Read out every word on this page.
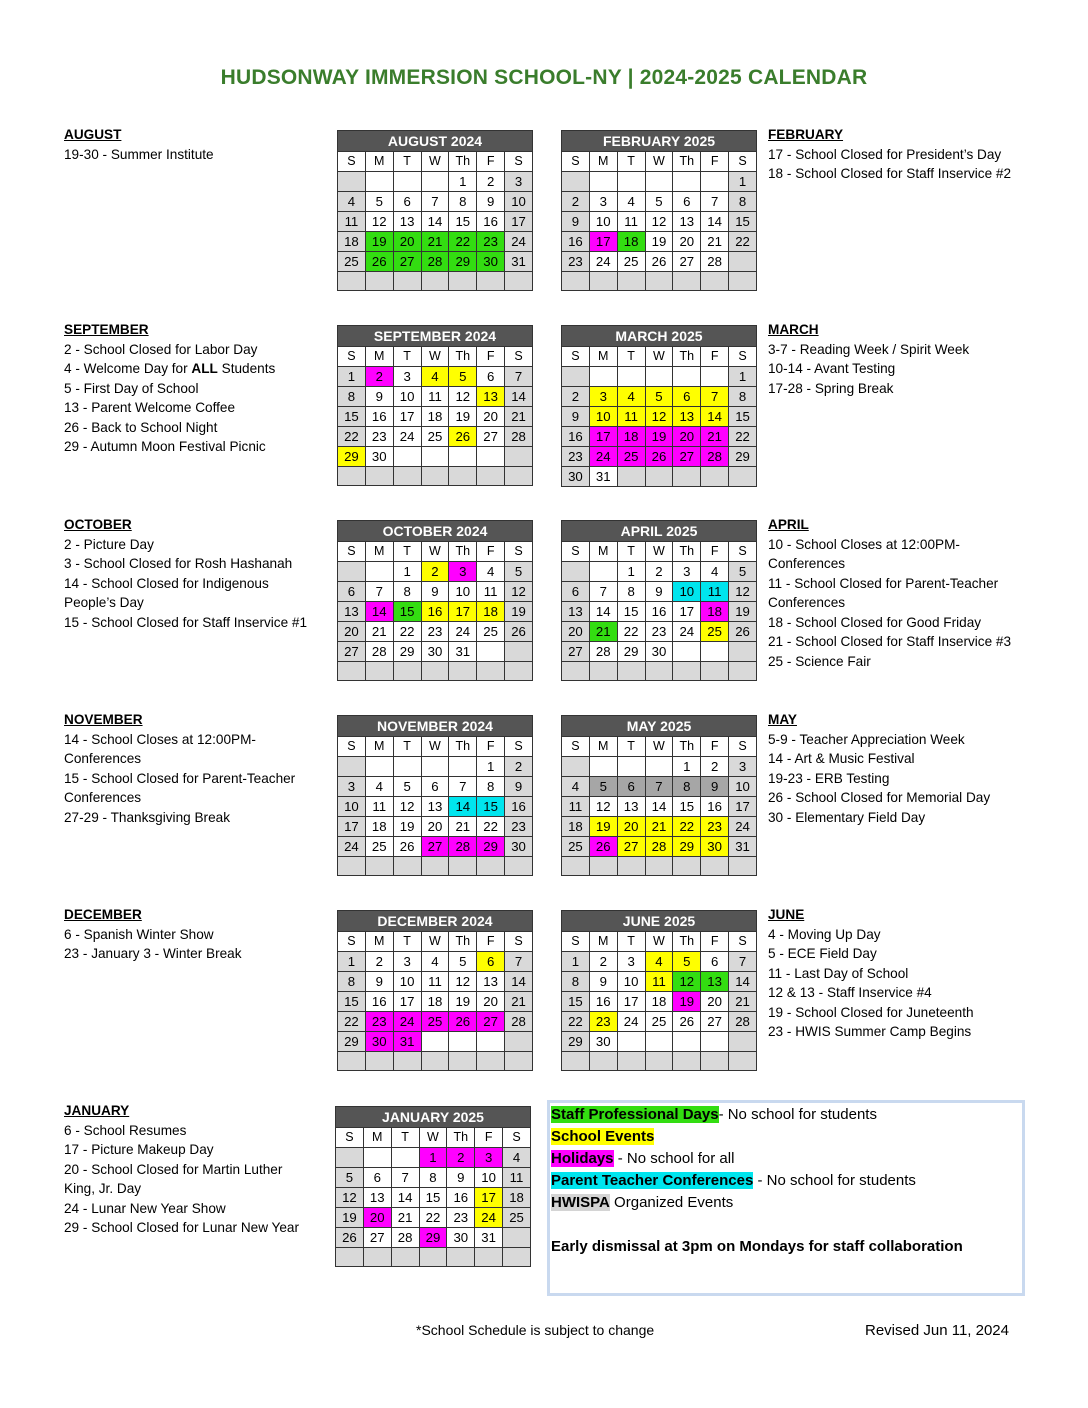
HUDSONWAY IMMERSION SCHOOL-NY | 2024-2025 CALENDAR
AUGUST
19-30 - Summer Institute
SEPTEMBER
2 - School Closed for Labor Day
4 - Welcome Day for ALL Students
5 - First Day of School
13 - Parent Welcome Coffee
26 - Back to School Night
29 - Autumn Moon Festival Picnic
OCTOBER
2 - Picture Day
3 - School Closed for Rosh Hashanah
14 - School Closed for Indigenous
People’s Day
15 - School Closed for Staff Inservice #1
NOVEMBER
14 - School Closes at 12:00PM-
Conferences
15 - School Closed for Parent-Teacher
Conferences
27-29 - Thanksgiving Break
DECEMBER
6 - Spanish Winter Show
23 - January 3 - Winter Break
JANUARY
6 - School Resumes
17 - Picture Makeup Day
20 - School Closed for Martin Luther
King, Jr. Day
24 - Lunar New Year Show
29 - School Closed for Lunar New Year
FEBRUARY
17 - School Closed for President’s Day
18 - School Closed for Staff Inservice #2
MARCH
3-7 - Reading Week / Spirit Week
10-14 - Avant Testing
17-28 - Spring Break
APRIL
10 - School Closes at 12:00PM-
Conferences
11 - School Closed for Parent-Teacher
Conferences
18 - School Closed for Good Friday
21 - School Closed for Staff Inservice #3
25 - Science Fair
MAY
5-9 - Teacher Appreciation Week
14 - Art & Music Festival
19-23 - ERB Testing
26 - School Closed for Memorial Day
30 - Elementary Field Day
JUNE
4 - Moving Up Day
5 - ECE Field Day
11 - Last Day of School
12 & 13 - Staff Inservice #4
19 - School Closed for Juneteenth
23 - HWIS Summer Camp Begins
AUGUST 2024						
S	M	T	W	Th	F	S
				1	2	3
4	5	6	7	8	9	10
11	12	13	14	15	16	17
18	19	20	21	22	23	24
25	26	27	28	29	30	31

FEBRUARY 2025						
S	M	T	W	Th	F	S
						1
2	3	4	5	6	7	8
9	10	11	12	13	14	15
16	17	18	19	20	21	22
23	24	25	26	27	28	

SEPTEMBER 2024						
S	M	T	W	Th	F	S
1	2	3	4	5	6	7
8	9	10	11	12	13	14
15	16	17	18	19	20	21
22	23	24	25	26	27	28
29	30					

MARCH 2025						
S	M	T	W	Th	F	S
						1
2	3	4	5	6	7	8
9	10	11	12	13	14	15
16	17	18	19	20	21	22
23	24	25	26	27	28	29
30	31					
OCTOBER 2024						
S	M	T	W	Th	F	S
		1	2	3	4	5
6	7	8	9	10	11	12
13	14	15	16	17	18	19
20	21	22	23	24	25	26
27	28	29	30	31		

APRIL 2025						
S	M	T	W	Th	F	S
		1	2	3	4	5
6	7	8	9	10	11	12
13	14	15	16	17	18	19
20	21	22	23	24	25	26
27	28	29	30			

NOVEMBER 2024						
S	M	T	W	Th	F	S
					1	2
3	4	5	6	7	8	9
10	11	12	13	14	15	16
17	18	19	20	21	22	23
24	25	26	27	28	29	30

MAY 2025						
S	M	T	W	Th	F	S
				1	2	3
4	5	6	7	8	9	10
11	12	13	14	15	16	17
18	19	20	21	22	23	24
25	26	27	28	29	30	31

DECEMBER 2024						
S	M	T	W	Th	F	S
1	2	3	4	5	6	7
8	9	10	11	12	13	14
15	16	17	18	19	20	21
22	23	24	25	26	27	28
29	30	31				

JUNE 2025						
S	M	T	W	Th	F	S
1	2	3	4	5	6	7
8	9	10	11	12	13	14
15	16	17	18	19	20	21
22	23	24	25	26	27	28
29	30					

JANUARY 2025						
S	M	T	W	Th	F	S
			1	2	3	4
5	6	7	8	9	10	11
12	13	14	15	16	17	18
19	20	21	22	23	24	25
26	27	28	29	30	31	

Staff Professional Days- No school for students
School Events
Holidays - No school for all
Parent Teacher Conferences - No school for students
HWISPA Organized Events
Early dismissal at 3pm on Mondays for staff collaboration
*School Schedule is subject to change	Revised Jun 11, 2024
